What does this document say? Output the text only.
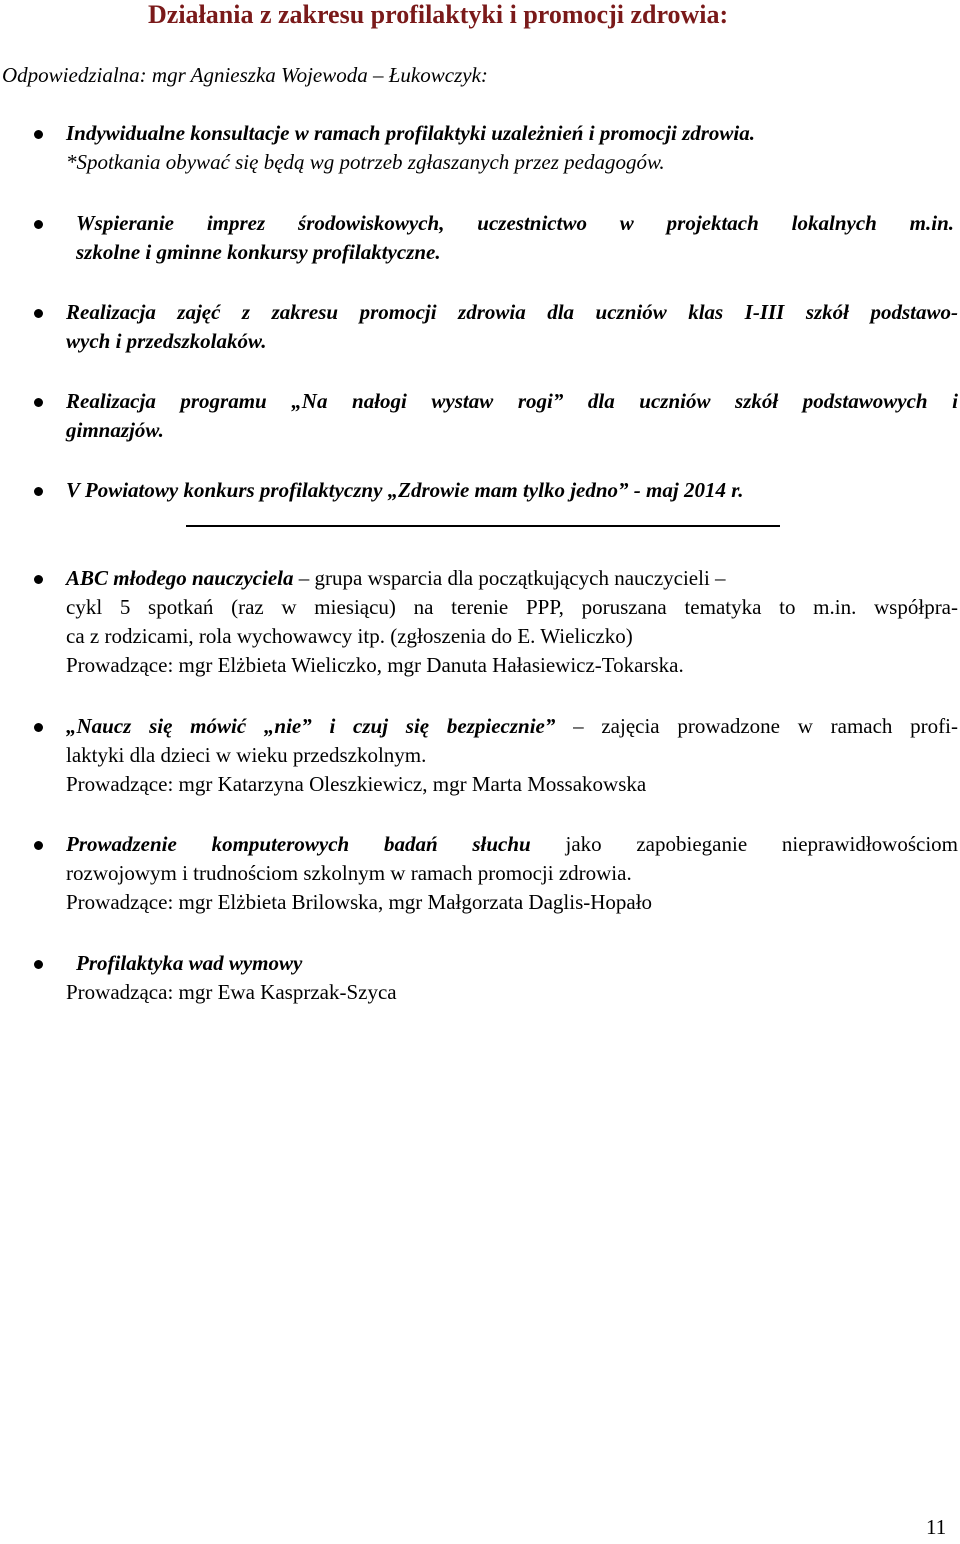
Działania z zakresu profilaktyki i promocji zdrowia:
Odpowiedzialna: mgr Agnieszka Wojewoda – Łukowczyk:
Indywidualne konsultacje w ramach profilaktyki uzależnień i promocji zdrowia.
*Spotkania obywać się będą wg potrzeb zgłaszanych przez pedagogów.
Wspieranie imprez środowiskowych, uczestnictwo w projektach lokalnych m.in.
szkolne i gminne konkursy profilaktyczne.
Realizacja zajęć z zakresu promocji zdrowia dla uczniów klas I-III szkół podstawo-
wych i przedszkolaków.
Realizacja programu „Na nałogi wystaw rogi” dla uczniów szkół podstawowych i
gimnazjów.
V Powiatowy konkurs profilaktyczny „Zdrowie mam tylko jedno” - maj 2014 r.
ABC młodego nauczyciela – grupa wsparcia dla początkujących nauczycieli –
cykl 5 spotkań (raz w miesiącu) na terenie PPP, poruszana tematyka to m.in. współpra-
ca z rodzicami, rola wychowawcy itp. (zgłoszenia do E. Wieliczko)
Prowadzące: mgr Elżbieta Wieliczko, mgr Danuta Hałasiewicz-Tokarska.
„Naucz się mówić „nie” i czuj się bezpiecznie” – zajęcia prowadzone w ramach profi-
laktyki dla dzieci w wieku przedszkolnym.
Prowadzące: mgr Katarzyna Oleszkiewicz, mgr Marta Mossakowska
Prowadzenie komputerowych badań słuchu jako zapobieganie nieprawidłowościom
rozwojowym i trudnościom szkolnym w ramach promocji zdrowia.
Prowadzące: mgr Elżbieta Brilowska, mgr Małgorzata Daglis-Hopało
Profilaktyka wad wymowy
Prowadząca: mgr Ewa Kasprzak-Szyca
11
